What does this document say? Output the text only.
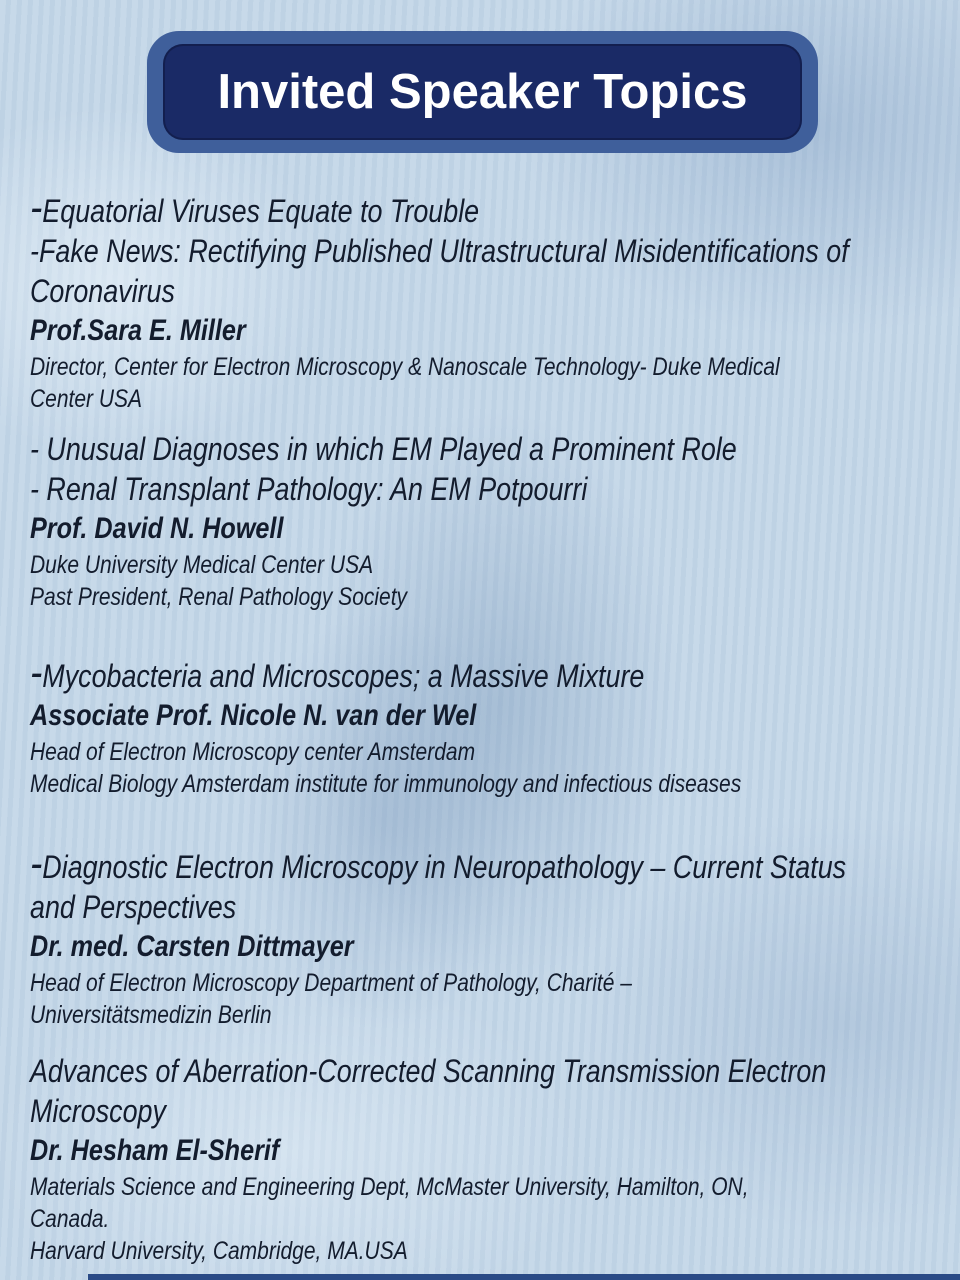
Invited Speaker Topics
-Equatorial Viruses Equate to Trouble
-Fake News: Rectifying Published Ultrastructural Misidentifications of
Coronavirus
Prof.Sara E. Miller
Director, Center for Electron Microscopy & Nanoscale Technology- Duke Medical
Center USA
- Unusual Diagnoses in which EM Played a Prominent Role
- Renal Transplant Pathology: An EM Potpourri
Prof. David N. Howell
Duke University Medical Center USA
Past President, Renal Pathology Society
-Mycobacteria and Microscopes; a Massive Mixture
Associate Prof. Nicole N. van der Wel
Head of Electron Microscopy center Amsterdam
Medical Biology Amsterdam institute for immunology and infectious diseases
-Diagnostic Electron Microscopy in Neuropathology – Current Status
and Perspectives
Dr. med. Carsten Dittmayer
Head of Electron Microscopy Department of Pathology, Charité –
Universitätsmedizin Berlin
Advances of Aberration-Corrected Scanning Transmission Electron
Microscopy
Dr. Hesham El-Sherif
Materials Science and Engineering Dept, McMaster University, Hamilton, ON,
Canada.
Harvard University, Cambridge, MA.USA
